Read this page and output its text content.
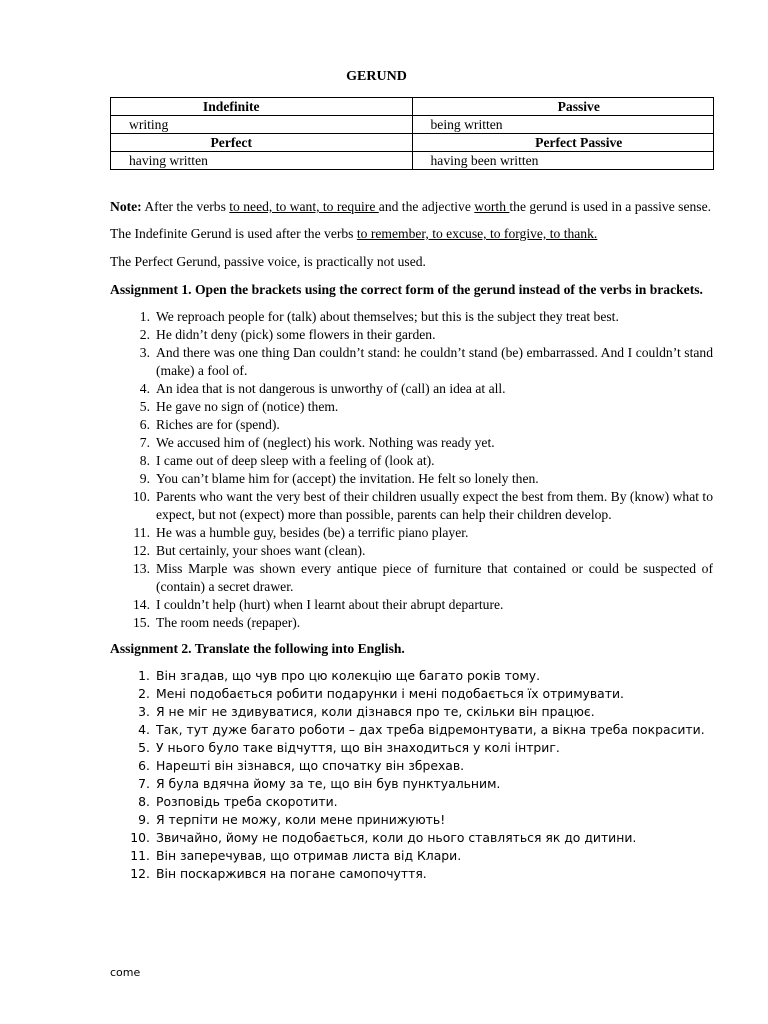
GERUND
Indefinite	Passive
writing	being written
Perfect	Perfect Passive
having written	having been written

Note: After the verbs to need, to want, to require and the adjective worth the gerund is used in a passive sense.

The Indefinite Gerund is used after the verbs to remember, to excuse, to forgive, to thank.

The Perfect Gerund, passive voice, is practically not used.

Assignment 1. Open the brackets using the correct form of the gerund instead of the verbs in brackets.

1. We reproach people for (talk) about themselves; but this is the subject they treat best.
2. He didn’t deny (pick) some flowers in their garden.
3. And there was one thing Dan couldn’t stand: he couldn’t stand (be) embarrassed. And I couldn’t stand (make) a fool of.
4. An idea that is not dangerous is unworthy of (call) an idea at all.
5. He gave no sign of (notice) them.
6. Riches are for (spend).
7. We accused him of (neglect) his work. Nothing was ready yet.
8. I came out of deep sleep with a feeling of (look at).
9. You can’t blame him for (accept) the invitation. He felt so lonely then.
10. Parents who want the very best of their children usually expect the best from them. By (know) what to expect, but not (expect) more than possible, parents can help their children develop.
11. He was a humble guy, besides (be) a terrific piano player.
12. But certainly, your shoes want (clean).
13. Miss Marple was shown every antique piece of furniture that contained or could be suspected of (contain) a secret drawer.
14. I couldn’t help (hurt) when I learnt about their abrupt departure.
15. The room needs (repaper).

Assignment 2. Translate the following into English.

1. Він згадав, що чув про цю колекцію ще багато років тому.
2. Мені подобається робити подарунки і мені подобається їх отримувати.
3. Я не міг не здивуватися, коли дізнався про те, скільки він працює.
4. Так, тут дуже багато роботи – дах треба відремонтувати, а вікна треба покрасити.
5. У нього було таке відчуття, що він знаходиться у колі інтриг.
6. Нарешті він зізнався, що спочатку він збрехав.
7. Я була вдячна йому за те, що він був пунктуальним.
8. Розповідь треба скоротити.
9. Я терпіти не можу, коли мене принижують!
10. Звичайно, йому не подобається, коли до нього ставляться як до дитини.
11. Він заперечував, що отримав листа від Клари.
12. Він поскаржився на погане самопочуття.
come
